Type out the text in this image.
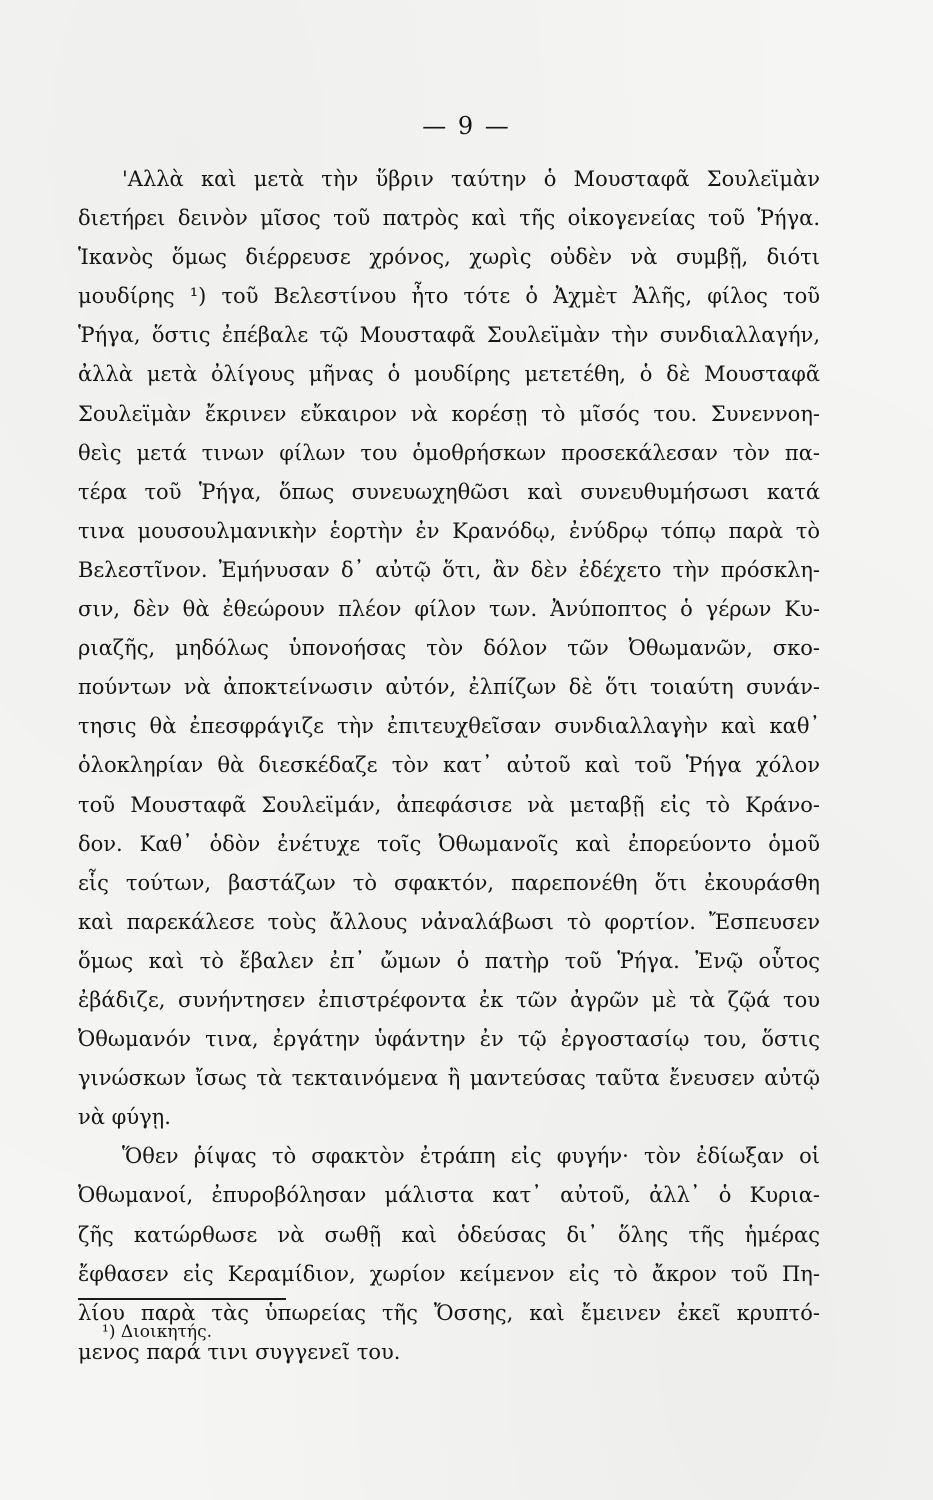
— 9 —
'Αλλὰ καὶ μετὰ τὴν ὕβριν ταύτην ὁ Μουσταφᾶ Σουλεϊμὰν
διετήρει δεινὸν μῖσος τοῦ πατρὸς καὶ τῆς οἰκογενείας τοῦ Ῥήγα.
Ἱκανὸς ὅμως διέρρευσε χρόνος, χωρὶς οὐδὲν νὰ συμβῇ, διότι
μουδίρης ¹) τοῦ Βελεστίνου ἦτο τότε ὁ Ἀχμὲτ Ἀλῆς, φίλος τοῦ
Ῥήγα, ὅστις ἐπέβαλε τῷ Μουσταφᾶ Σουλεϊμὰν τὴν συνδιαλλαγήν,
ἀλλὰ μετὰ ὀλίγους μῆνας ὁ μουδίρης μετετέθη, ὁ δὲ Μουσταφᾶ
Σουλεϊμὰν ἔκρινεν εὔκαιρον νὰ κορέσῃ τὸ μῖσός του. Συνεννοη-
θεὶς μετά τινων φίλων του ὁμοθρήσκων προσεκάλεσαν τὸν πα-
τέρα τοῦ Ῥήγα, ὅπως συνευωχηθῶσι καὶ συνευθυμήσωσι κατά
τινα μουσουλμανικὴν ἑορτὴν ἐν Κρανόδῳ, ἐνύδρῳ τόπῳ παρὰ τὸ
Βελεστῖνον. Ἐμήνυσαν δ᾽ αὐτῷ ὅτι, ἂν δὲν ἐδέχετο τὴν πρόσκλη-
σιν, δὲν θὰ ἐθεώρουν πλέον φίλον των. Ἀνύποπτος ὁ γέρων Κυ-
ριαζῆς, μηδόλως ὑπονοήσας τὸν δόλον τῶν Ὀθωμανῶν, σκο-
πούντων νὰ ἀποκτείνωσιν αὐτόν, ἐλπίζων δὲ ὅτι τοιαύτη συνάν-
τησις θὰ ἐπεσφράγιζε τὴν ἐπιτευχθεῖσαν συνδιαλλαγὴν καὶ καθ᾽
ὁλοκληρίαν θὰ διεσκέδαζε τὸν κατ᾽ αὐτοῦ καὶ τοῦ Ῥήγα χόλον
τοῦ Μουσταφᾶ Σουλεϊμάν, ἀπεφάσισε νὰ μεταβῇ εἰς τὸ Κράνο-
δον. Καθ᾽ ὁδὸν ἐνέτυχε τοῖς Ὀθωμανοῖς καὶ ἐπορεύοντο ὁμοῦ
εἷς τούτων, βαστάζων τὸ σφακτόν, παρεπονέθη ὅτι ἐκουράσθη
καὶ παρεκάλεσε τοὺς ἄλλους νἀναλάβωσι τὸ φορτίον. Ἔσπευσεν
ὅμως καὶ τὸ ἔβαλεν ἐπ᾽ ὤμων ὁ πατὴρ τοῦ Ῥήγα. Ἐνῷ οὗτος
ἐβάδιζε, συνήντησεν ἐπιστρέφοντα ἐκ τῶν ἀγρῶν μὲ τὰ ζῷά του
Ὀθωμανόν τινα, ἐργάτην ὑφάντην ἐν τῷ ἐργοστασίῳ του, ὅστις
γινώσκων ἴσως τὰ τεκταινόμενα ἢ μαντεύσας ταῦτα ἔνευσεν αὐτῷ
νὰ φύγῃ.
Ὅθεν ῥίψας τὸ σφακτὸν ἐτράπη εἰς φυγήν· τὸν ἐδίωξαν οἱ
Ὀθωμανοί, ἐπυροβόλησαν μάλιστα κατ᾽ αὐτοῦ, ἀλλ᾽ ὁ Κυρια-
ζῆς κατώρθωσε νὰ σωθῇ καὶ ὁδεύσας δι᾽ ὅλης τῆς ἡμέρας
ἔφθασεν εἰς Κεραμίδιον, χωρίον κείμενον εἰς τὸ ἄκρον τοῦ Πη-
λίου παρὰ τὰς ὑπωρείας τῆς Ὄσσης, καὶ ἔμεινεν ἐκεῖ κρυπτό-
μενος παρά τινι συγγενεῖ του.
¹) Διοικητής.
